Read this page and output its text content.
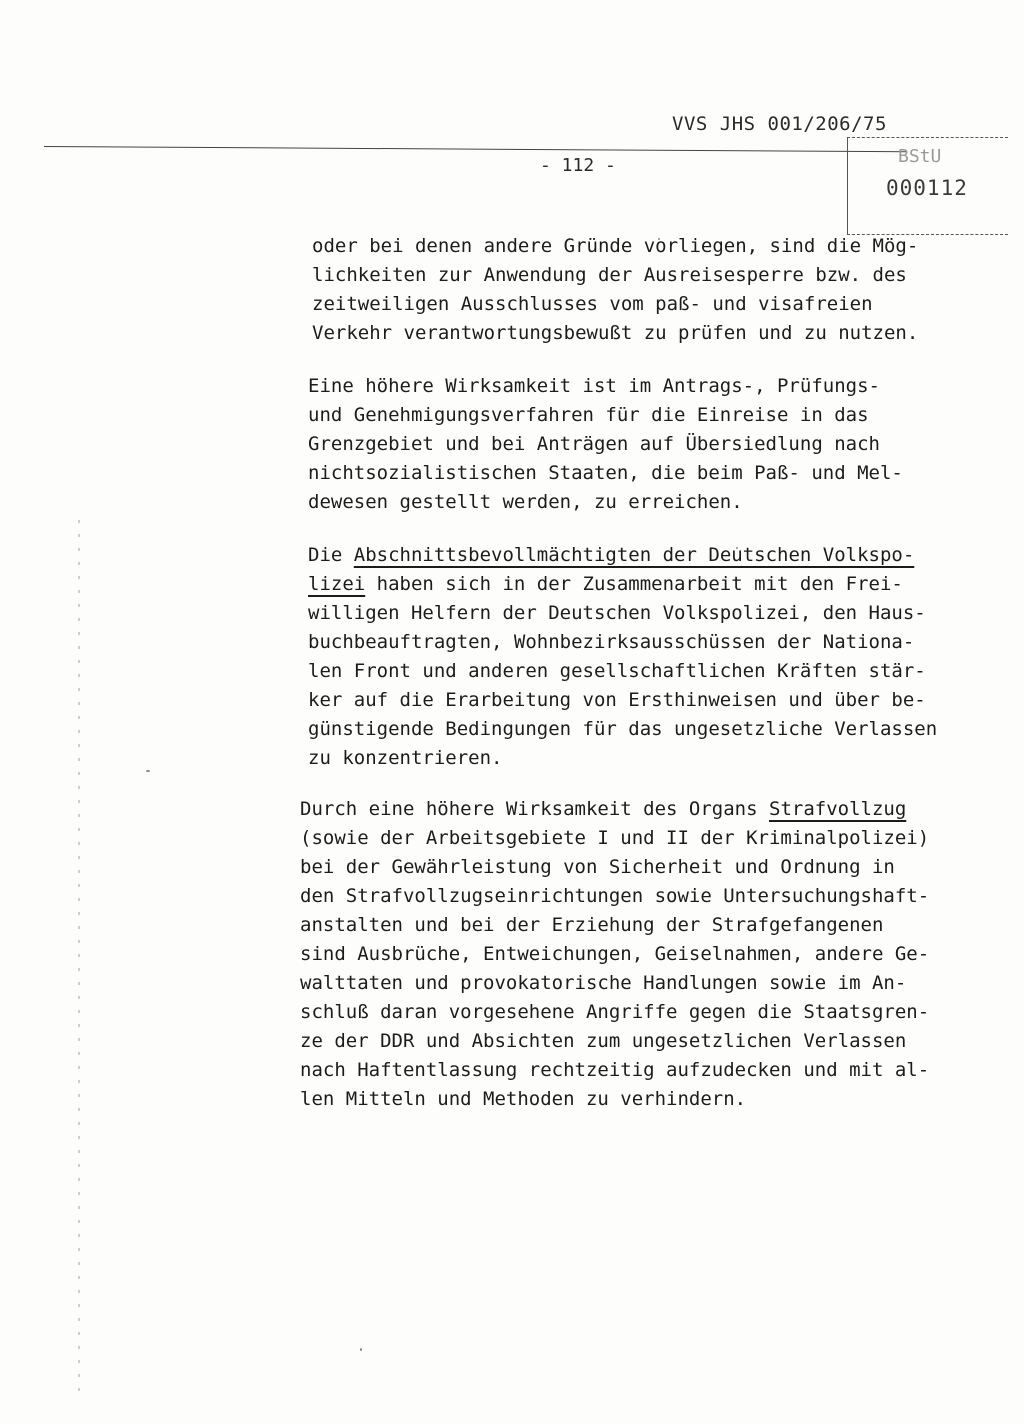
VVS JHS 001/206/75
- 112 -	BStU
000112
oder bei denen andere Gründe vorliegen, sind die Mög-
lichkeiten zur Anwendung der Ausreisesperre bzw. des
zeitweiligen Ausschlusses vom paß- und visafreien
Verkehr verantwortungsbewußt zu prüfen und zu nutzen.
Eine höhere Wirksamkeit ist im Antrags-, Prüfungs-
und Genehmigungsverfahren für die Einreise in das
Grenzgebiet und bei Anträgen auf Übersiedlung nach
nichtsozialistischen Staaten, die beim Paß- und Mel-
dewesen gestellt werden, zu erreichen.
Die Abschnittsbevollmächtigten der Deutschen Volkspo-
lizei haben sich in der Zusammenarbeit mit den Frei-
willigen Helfern der Deutschen Volkspolizei, den Haus-
buchbeauftragten, Wohnbezirksausschüssen der Nationa-
len Front und anderen gesellschaftlichen Kräften stär-
ker auf die Erarbeitung von Ersthinweisen und über be-
günstigende Bedingungen für das ungesetzliche Verlassen
zu konzentrieren.
Durch eine höhere Wirksamkeit des Organs Strafvollzug
(sowie der Arbeitsgebiete I und II der Kriminalpolizei)
bei der Gewährleistung von Sicherheit und Ordnung in
den Strafvollzugseinrichtungen sowie Untersuchungshaft-
anstalten und bei der Erziehung der Strafgefangenen
sind Ausbrüche, Entweichungen, Geiselnahmen, andere Ge-
walttaten und provokatorische Handlungen sowie im An-
schluß daran vorgesehene Angriffe gegen die Staatsgren-
ze der DDR und Absichten zum ungesetzlichen Verlassen
nach Haftentlassung rechtzeitig aufzudecken und mit al-
len Mitteln und Methoden zu verhindern.
